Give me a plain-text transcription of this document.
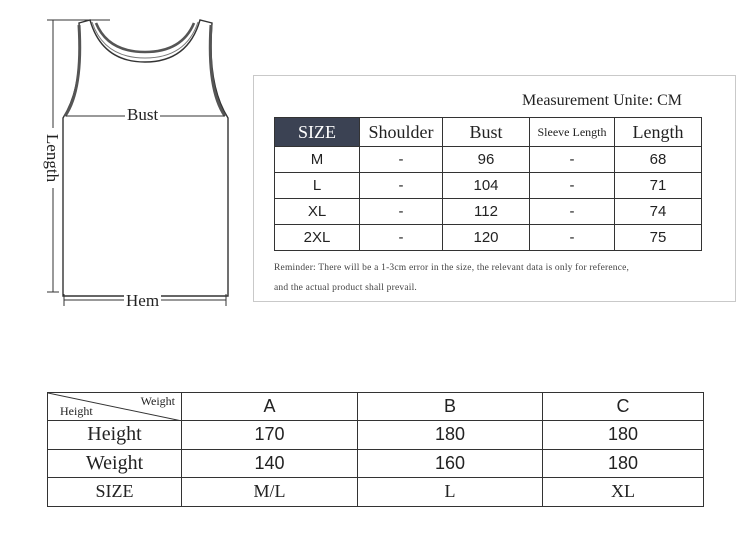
Length
Bust
Hem
Measurement Unite: CM
SIZE	Shoulder	Bust	Sleeve Length	Length
M	-	96	-	68
L	-	104	-	71
XL	-	112	-	74
2XL	-	120	-	75
Reminder: There will be a 1-3cm error in the size, the relevant data is only for reference,
and the actual product shall prevail.
Weight
Height	A	B	C
Height	170	180	180
Weight	140	160	180
SIZE	M/L	L	XL
